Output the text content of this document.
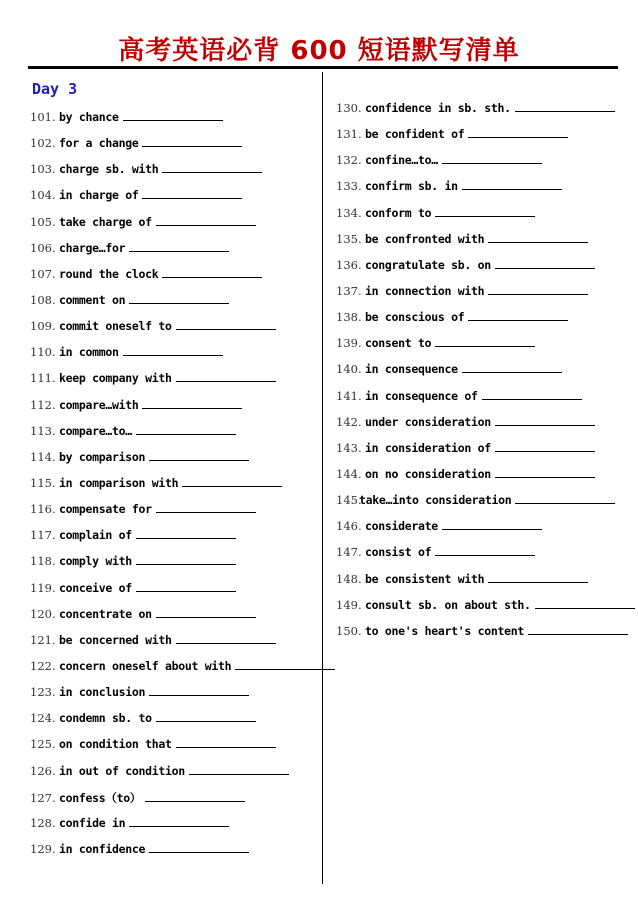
高考英语必背 600 短语默写清单
Day 3
101. by chance
102. for a change
103. charge sb. with
104. in charge of
105. take charge of
106. charge…for
107. round the clock
108. comment on
109. commit oneself to
110. in common
111. keep company with
112. compare…with
113. compare…to…
114. by comparison
115. in comparison with
116. compensate for
117. complain of
118. comply with
119. conceive of
120. concentrate on
121. be concerned with
122. concern oneself about with
123. in conclusion
124. condemn sb. to
125. on condition that
126. in out of condition
127. confess（to）
128. confide in
129. in confidence
130. confidence in sb. sth.
131. be confident of
132. confine…to…
133. confirm sb. in
134. conform to
135. be confronted with
136. congratulate sb. on
137. in connection with
138. be conscious of
139. consent to
140. in consequence
141. in consequence of
142. under consideration
143. in consideration of
144. on no consideration
145.
take…into consideration
146. considerate
147. consist of
148. be consistent with
149. consult sb. on about sth.
150. to one's heart's content
